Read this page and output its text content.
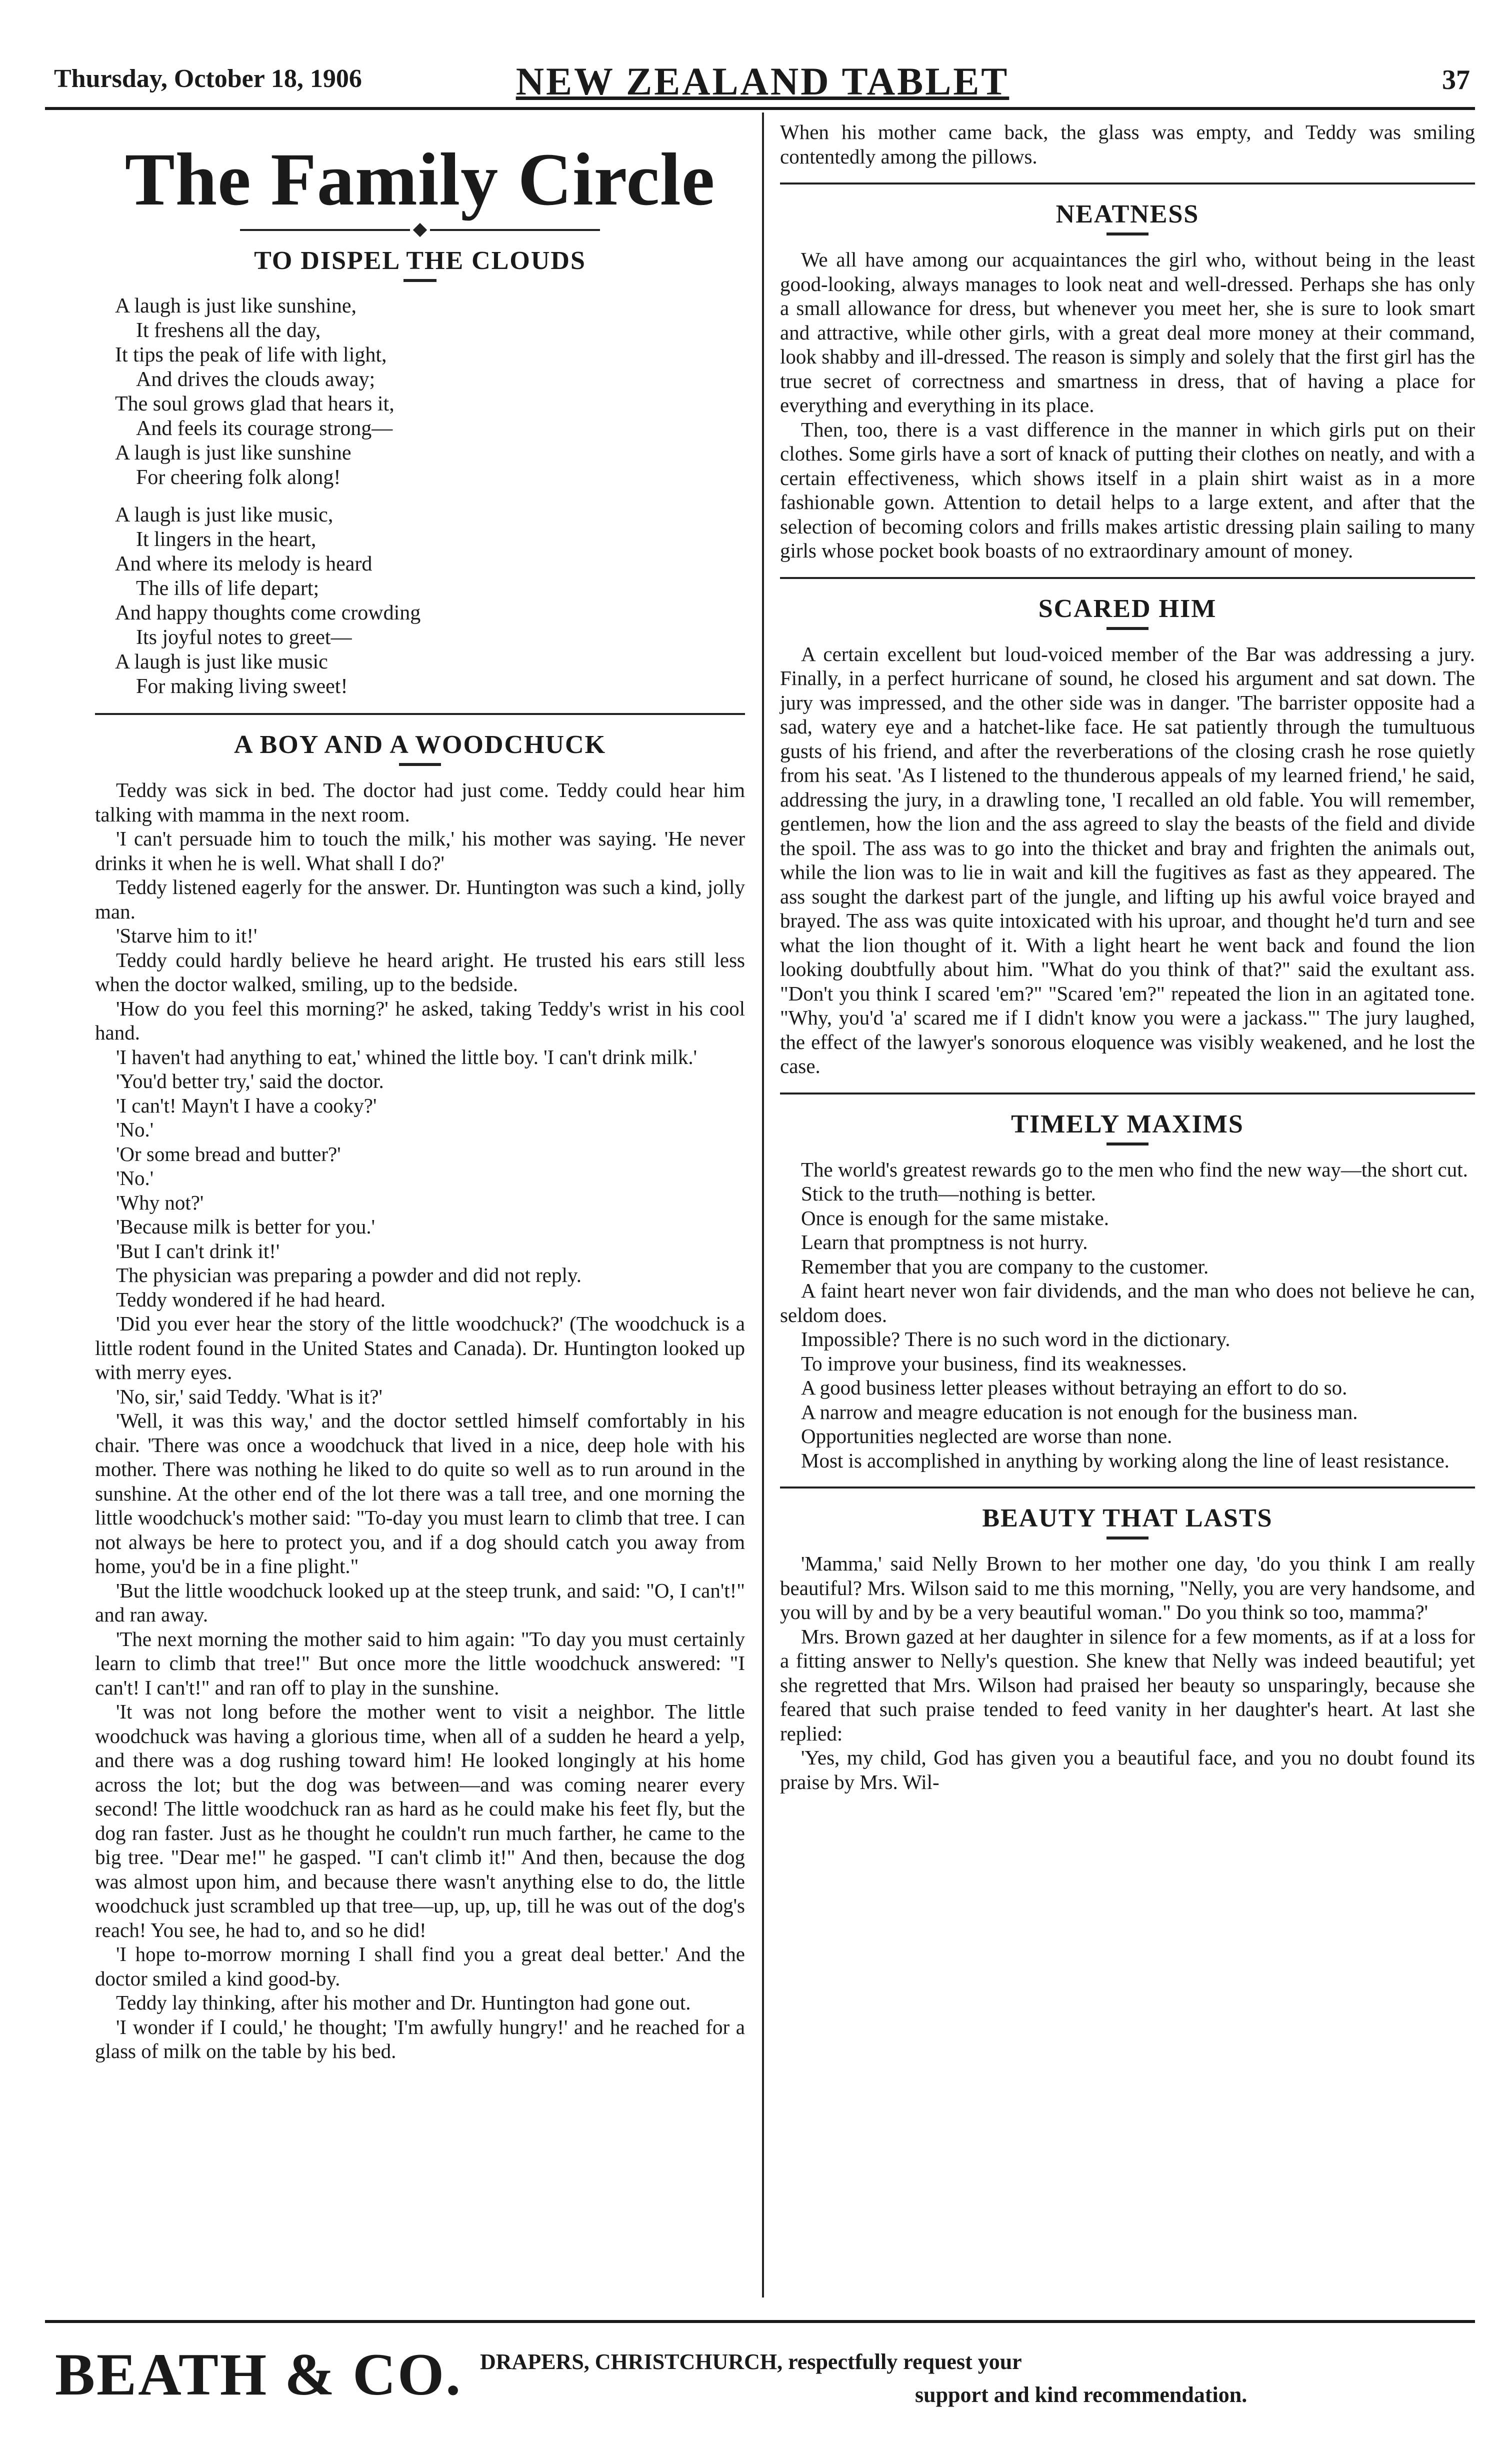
Thursday, October 18, 1906	NEW ZEALAND TABLET	37
The Family Circle
TO DISPEL THE CLOUDS
A laugh is just like sunshine,
It freshens all the day,
It tips the peak of life with light,
And drives the clouds away;
The soul grows glad that hears it,
And feels its courage strong—
A laugh is just like sunshine
For cheering folk along!
A laugh is just like music,
It lingers in the heart,
And where its melody is heard
The ills of life depart;
And happy thoughts come crowding
Its joyful notes to greet—
A laugh is just like music
For making living sweet!
A BOY AND A WOODCHUCK

Teddy was sick in bed. The doctor had just come. Teddy could hear him talking with mamma in the next room.

'I can't persuade him to touch the milk,' his mother was saying. 'He never drinks it when he is well. What shall I do?'

Teddy listened eagerly for the answer. Dr. Huntington was such a kind, jolly man.

'Starve him to it!'

Teddy could hardly believe he heard aright. He trusted his ears still less when the doctor walked, smiling, up to the bedside.

'How do you feel this morning?' he asked, taking Teddy's wrist in his cool hand.

'I haven't had anything to eat,' whined the little boy. 'I can't drink milk.'

'You'd better try,' said the doctor.

'I can't! Mayn't I have a cooky?'

'No.'

'Or some bread and butter?'

'No.'

'Why not?'

'Because milk is better for you.'

'But I can't drink it!'

The physician was preparing a powder and did not reply.

Teddy wondered if he had heard.

'Did you ever hear the story of the little woodchuck?' (The woodchuck is a little rodent found in the United States and Canada). Dr. Huntington looked up with merry eyes.

'No, sir,' said Teddy. 'What is it?'

'Well, it was this way,' and the doctor settled himself comfortably in his chair. 'There was once a woodchuck that lived in a nice, deep hole with his mother. There was nothing he liked to do quite so well as to run around in the sunshine. At the other end of the lot there was a tall tree, and one morning the little woodchuck's mother said: "To-day you must learn to climb that tree. I can not always be here to protect you, and if a dog should catch you away from home, you'd be in a fine plight."

'But the little woodchuck looked up at the steep trunk, and said: "O, I can't!" and ran away.

'The next morning the mother said to him again: "To day you must certainly learn to climb that tree!" But once more the little woodchuck answered: "I can't! I can't!" and ran off to play in the sunshine.

'It was not long before the mother went to visit a neighbor. The little woodchuck was having a glorious time, when all of a sudden he heard a yelp, and there was a dog rushing toward him! He looked longingly at his home across the lot; but the dog was between—and was coming nearer every second! The little woodchuck ran as hard as he could make his feet fly, but the dog ran faster. Just as he thought he couldn't run much farther, he came to the big tree. "Dear me!" he gasped. "I can't climb it!" And then, because the dog was almost upon him, and because there wasn't anything else to do, the little woodchuck just scrambled up that tree—up, up, up, till he was out of the dog's reach! You see, he had to, and so he did!

'I hope to-morrow morning I shall find you a great deal better.' And the doctor smiled a kind good-by.

Teddy lay thinking, after his mother and Dr. Huntington had gone out.

'I wonder if I could,' he thought; 'I'm awfully hungry!' and he reached for a glass of milk on the table by his bed.

When his mother came back, the glass was empty, and Teddy was smiling contentedly among the pillows.

NEATNESS

We all have among our acquaintances the girl who, without being in the least good-looking, always manages to look neat and well-dressed. Perhaps she has only a small allowance for dress, but whenever you meet her, she is sure to look smart and attractive, while other girls, with a great deal more money at their command, look shabby and ill-dressed. The reason is simply and solely that the first girl has the true secret of correctness and smartness in dress, that of having a place for everything and everything in its place.

Then, too, there is a vast difference in the manner in which girls put on their clothes. Some girls have a sort of knack of putting their clothes on neatly, and with a certain effectiveness, which shows itself in a plain shirt waist as in a more fashionable gown. Attention to detail helps to a large extent, and after that the selection of becoming colors and frills makes artistic dressing plain sailing to many girls whose pocket book boasts of no extraordinary amount of money.

SCARED HIM

A certain excellent but loud-voiced member of the Bar was addressing a jury. Finally, in a perfect hurricane of sound, he closed his argument and sat down. The jury was impressed, and the other side was in danger. 'The barrister opposite had a sad, watery eye and a hatchet-like face. He sat patiently through the tumultuous gusts of his friend, and after the reverberations of the closing crash he rose quietly from his seat. 'As I listened to the thunderous appeals of my learned friend,' he said, addressing the jury, in a drawling tone, 'I recalled an old fable. You will remember, gentlemen, how the lion and the ass agreed to slay the beasts of the field and divide the spoil. The ass was to go into the thicket and bray and frighten the animals out, while the lion was to lie in wait and kill the fugitives as fast as they appeared. The ass sought the darkest part of the jungle, and lifting up his awful voice brayed and brayed. The ass was quite intoxicated with his uproar, and thought he'd turn and see what the lion thought of it. With a light heart he went back and found the lion looking doubtfully about him. "What do you think of that?" said the exultant ass. "Don't you think I scared 'em?" "Scared 'em?" repeated the lion in an agitated tone. "Why, you'd 'a' scared me if I didn't know you were a jackass."' The jury laughed, the effect of the lawyer's sonorous eloquence was visibly weakened, and he lost the case.

TIMELY MAXIMS

The world's greatest rewards go to the men who find the new way—the short cut.

Stick to the truth—nothing is better.

Once is enough for the same mistake.

Learn that promptness is not hurry.

Remember that you are company to the customer.

A faint heart never won fair dividends, and the man who does not believe he can, seldom does.

Impossible? There is no such word in the dictionary.

To improve your business, find its weaknesses.

A good business letter pleases without betraying an effort to do so.

A narrow and meagre education is not enough for the business man.

Opportunities neglected are worse than none.

Most is accomplished in anything by working along the line of least resistance.

BEAUTY THAT LASTS

'Mamma,' said Nelly Brown to her mother one day, 'do you think I am really beautiful? Mrs. Wilson said to me this morning, "Nelly, you are very handsome, and you will by and by be a very beautiful woman." Do you think so too, mamma?'

Mrs. Brown gazed at her daughter in silence for a few moments, as if at a loss for a fitting answer to Nelly's question. She knew that Nelly was indeed beautiful; yet she regretted that Mrs. Wilson had praised her beauty so unsparingly, because she feared that such praise tended to feed vanity in her daughter's heart. At last she replied:

'Yes, my child, God has given you a beautiful face, and you no doubt found its praise by Mrs. Wil-

BEATH & CO. DRAPERS, CHRISTCHURCH, respectfully request your
support and kind recommendation.
